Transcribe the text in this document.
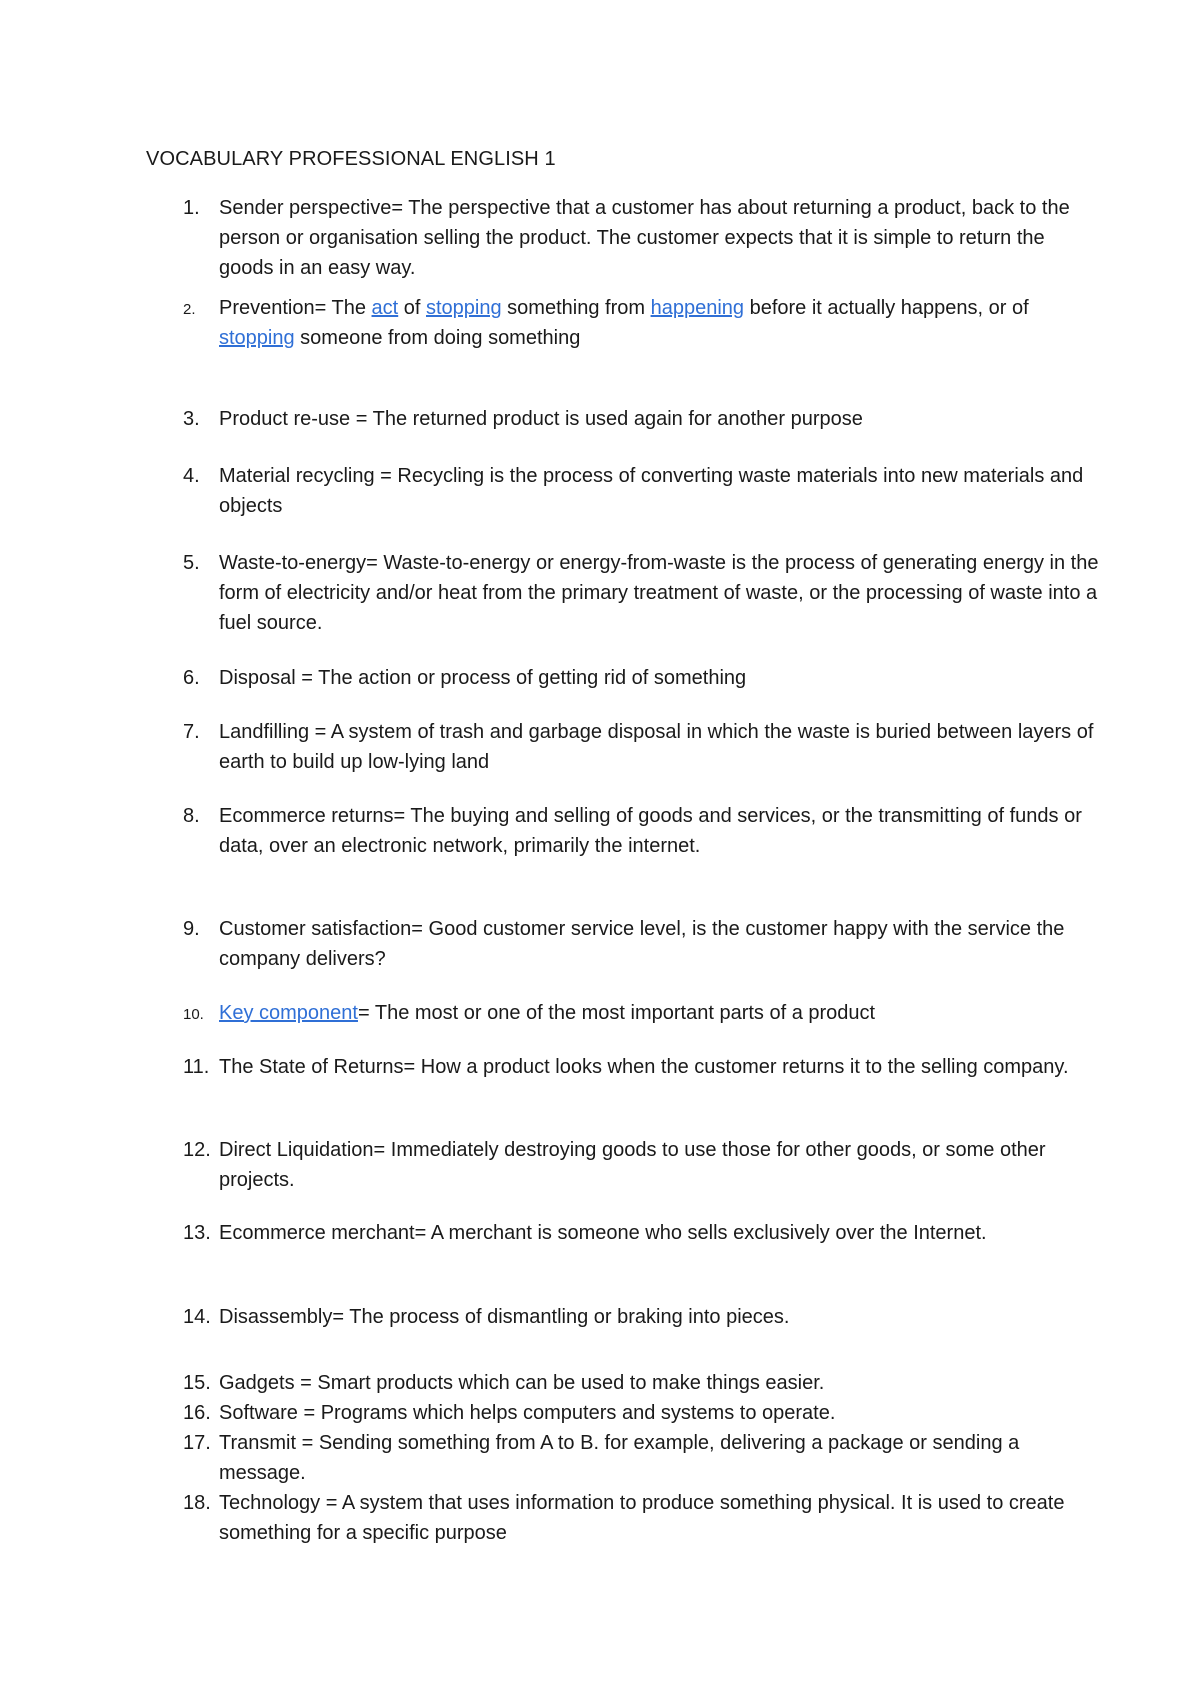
VOCABULARY PROFESSIONAL ENGLISH 1
1. Sender perspective= The perspective that a customer has about returning a product, back to the person or organisation selling the product. The customer expects that it is simple to return the goods in an easy way.
2. Prevention= The act of stopping something from happening before it actually happens, or of stopping someone from doing something
3. Product re-use = The returned product is used again for another purpose
4. Material recycling = Recycling is the process of converting waste materials into new materials and objects
5. Waste-to-energy= Waste-to-energy or energy-from-waste is the process of generating energy in the form of electricity and/or heat from the primary treatment of waste, or the processing of waste into a fuel source.
6. Disposal = The action or process of getting rid of something
7. Landfilling = A system of trash and garbage disposal in which the waste is buried between layers of earth to build up low-lying land
8. Ecommerce returns= The buying and selling of goods and services, or the transmitting of funds or data, over an electronic network, primarily the internet.
9. Customer satisfaction= Good customer service level, is the customer happy with the service the company delivers?
10. Key component= The most or one of the most important parts of a product
11. The State of Returns= How a product looks when the customer returns it to the selling company.
12. Direct Liquidation= Immediately destroying goods to use those for other goods, or some other projects.
13. Ecommerce merchant= A merchant is someone who sells exclusively over the Internet.
14. Disassembly= The process of dismantling or braking into pieces.
15. Gadgets = Smart products which can be used to make things easier.
16. Software = Programs which helps computers and systems to operate.
17. Transmit = Sending something from A to B. for example, delivering a package or sending a message.
18. Technology = A system that uses information to produce something physical. It is used to create something for a specific purpose
